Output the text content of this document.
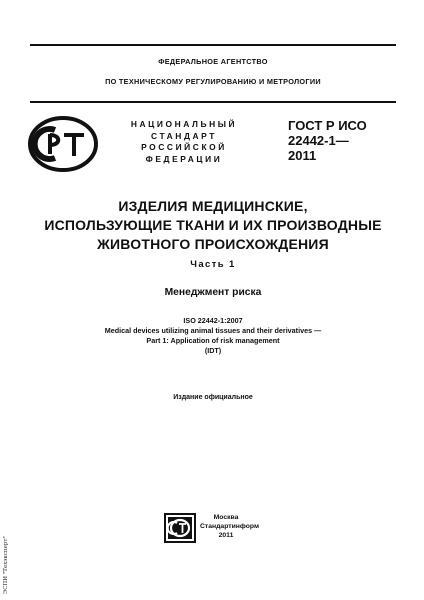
ФЕДЕРАЛЬНОЕ АГЕНТСТВО
ПО ТЕХНИЧЕСКОМУ РЕГУЛИРОВАНИЮ И МЕТРОЛОГИИ
НАЦИОНАЛЬНЫЙ
СТАНДАРТ
РОССИЙСКОЙ
ФЕДЕРАЦИИ
ГОСТ Р ИСО
22442-1—
2011
ИЗДЕЛИЯ МЕДИЦИНСКИЕ,
ИСПОЛЬЗУЮЩИЕ ТКАНИ И ИХ ПРОИЗВОДНЫЕ
ЖИВОТНОГО ПРОИСХОЖДЕНИЯ
Часть 1
Менеджмент риска
ISO 22442-1:2007
Medical devices utilizing animal tissues and their derivatives —
Part 1: Application of risk management
(IDT)
Издание официальное
Москва
Стандартинформ
2011
ЭСПИ "Техэксперт"
